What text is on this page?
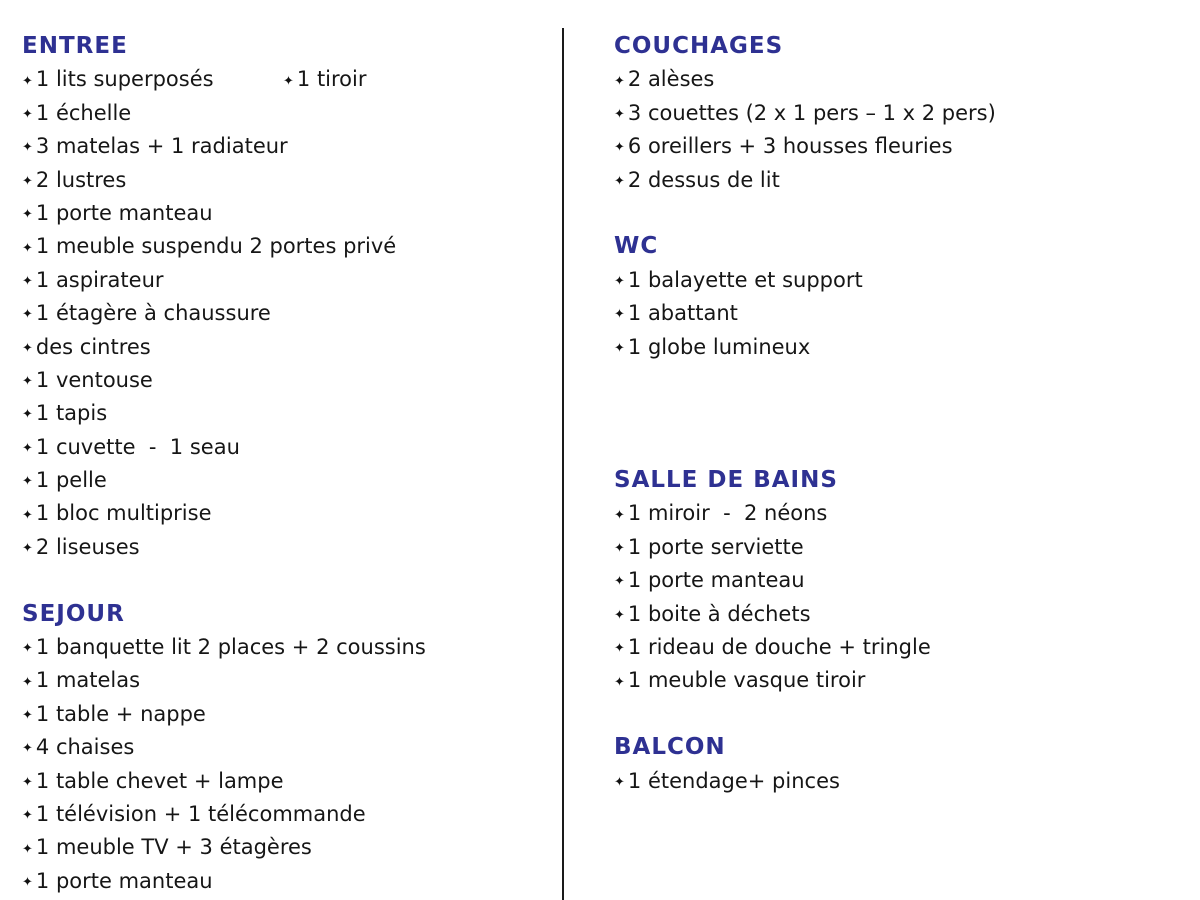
ENTREE
✦ 1 lits superposés	✦ 1 tiroir
✦ 1 échelle
✦ 3 matelas + 1 radiateur
✦ 2 lustres
✦ 1 porte manteau
✦ 1 meuble suspendu 2 portes privé
✦ 1 aspirateur
✦ 1 étagère à chaussure
✦ des cintres
✦ 1 ventouse
✦ 1 tapis
✦ 1 cuvette  -  1 seau
✦ 1 pelle
✦ 1 bloc multiprise
✦ 2 liseuses
SEJOUR
✦ 1 banquette lit 2 places + 2 coussins
✦ 1 matelas
✦ 1 table + nappe
✦ 4 chaises
✦ 1 table chevet + lampe
✦ 1 télévision + 1 télécommande
✦ 1 meuble TV + 3 étagères
✦ 1 porte manteau
COUCHAGES
✦ 2 alèses
✦ 3 couettes (2 x 1 pers – 1 x 2 pers)
✦ 6 oreillers + 3 housses fleuries
✦ 2 dessus de lit
WC
✦ 1 balayette et support
✦ 1 abattant
✦ 1 globe lumineux
SALLE DE BAINS
✦ 1 miroir  -  2 néons
✦ 1 porte serviette
✦ 1 porte manteau
✦ 1 boite à déchets
✦ 1 rideau de douche + tringle
✦ 1 meuble vasque tiroir
BALCON
✦ 1 étendage+ pinces
